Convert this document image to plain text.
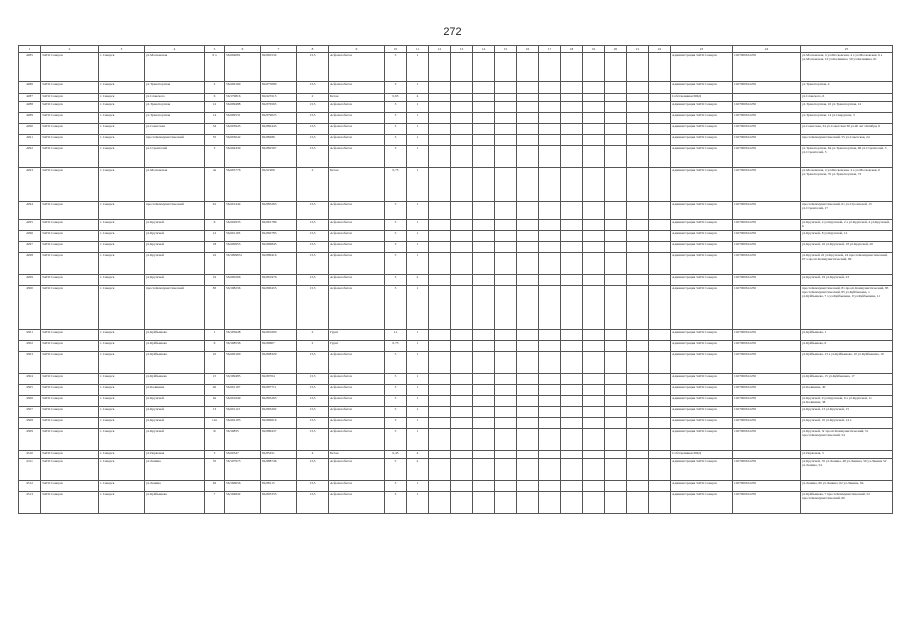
272
1	2	3	4	5	6	7	8	9	10	11	12	13	14	15	16	17	18	19	20	21	22	23	24	25
4285	ЗАТО Северск	г. Северск	ул.Московская	6 а	56,604081	84,892534	13,5	Асфальтобетон	3	1												Администрация ЗАТО Северск	1027000612250	ул.Московская, 4 ул.Московская, 4 а ул.Московская, 6 а ул.Московская, 10 ул.Калинина, 59 ул.Калинина, 61
4286	ЗАТО Северск	г. Северск	ул.Транспортная	2	56,609169	84,875080	13,5	Асфальтобетон	3	1												Администрация ЗАТО Северск	1027000612250	ул.Транспортная, 2
4287	ЗАТО Северск	г. Северск	ул.Славского	6	56,579816	84,925515	2	Бетон	0,65	4												Собственники МКД		ул.Славского, 6
4288	ЗАТО Северск	г. Северск	ул.Транспортная	12	56,609488	84,876565	13,5	Асфальтобетон	3	1												Администрация ЗАТО Северск	1027000612250	ул.Транспортная, 10 ул.Транспортная, 12
4289	ЗАТО Северск	г. Северск	ул.Транспортная	14	56,609531	84,879023	13,5	Асфальтобетон	3	1												Администрация ЗАТО Северск	1027000612250	ул.Транспортная, 14 ул.Свердлова, 3
4290	ЗАТО Северск	г. Северск	ул.Советская	34	56,603645	84,882443	13,5	Асфальтобетон	3	1												Администрация ЗАТО Северск	1027000612250	ул.Советская, 34 ул.Советская 36 ул.40 лет Октября, 6
4291	ЗАТО Северск	г. Северск	просп.Коммунистический	55	56,603042	84,88286	13,5	Асфальтобетон	3	1												Администрация ЗАТО Северск	1027000612250	просп.Коммунистический, 55 ул.Советская, 24
4292	ЗАТО Северск	г. Северск	ул.Строителей	3	56,604439	84,882567	13,5	Асфальтобетон	3	1												Администрация ЗАТО Северск	1027000612250	ул.Транспортная, 64 ул.Транспортная, 66 ул.Строителей, 3 ул.Строителей, 5
4293	ЗАТО Северск	г. Северск	ул.Московская	4а	56,605776	84,91909	2	Бетон	0,75	1												Администрация ЗАТО Северск	1027000612250	ул.Московская, 4 ул.Московская, 4 а ул.Московская, 6 ул.Транспортная, 70 ул.Транспортная, 72
4294	ЗАТО Северск	г. Северск	просп.Коммунистический	61	56,601444	84,885263	13,5	Асфальтобетон	5	1												Администрация ЗАТО Северск	1027000612250	просп.Коммунистический, 61 ул.Строителей, 15 ул.Строителей, 17
4295	ЗАТО Северск	г. Северск	ул.Крупской	6	56,602635	84,891789	13,5	Асфальтобетон	5	1												Администрация ЗАТО Северск	1027000612250	ул.Крупской, 2 ул.Крупской, 2 а ул.Крупской, 4 ул.Крупской, 6
4296	ЗАТО Северск	г. Северск	ул.Крупской	12	56,601193	84,892783	13,5	Асфальтобетон	5	1												Администрация ЗАТО Северск	1027000612250	ул.Крупской, 8 ул.Крупской, 12
4297	ЗАТО Северск	г. Северск	ул.Крупской	18	56,600655	84,890843	13,5	Асфальтобетон	3	1												Администрация ЗАТО Северск	1027000612250	ул.Крупской, 16 ул.Крупской, 18 ул.Крупской, 20
4298	ЗАТО Северск	г. Северск	ул.Крупской	22	56,5999631	84,889416	13,5	Асфальтобетон	5	1												Администрация ЗАТО Северск	1027000612250	ул.Крупской 22 ул.Крупской, 24 просп.Коммунистический, 67 а просп.Коммунистический, 69
4299	ЗАТО Северск	г. Северск	ул.Крупской	19	56,600266	84,891976	13,5	Асфальтобетон	3	2												Администрация ЗАТО Северск	1027000612250	ул.Крупской, 19 ул.Крупской, 23
4300	ЗАТО Северск	г. Северск	просп.Коммунистический	83	56,598236	84,890455	13,5	Асфальтобетон	3	1												Администрация ЗАТО Северск	1027000612250	просп.Коммунистический, 81 просп.Коммунистический, 83 просп.Коммунистический, 85 ул.Куйбышева, 1 ул.Куйбышева, 7 а ул.Куйбышева, 9 ул.Куйбышева, 11
4301	ЗАТО Северск	г. Северск	ул.Куйбышева	1	56,595648	84,891600	2	Грунт	1,1	1												Администрация ЗАТО Северск	1027000612250	ул.Куйбышева, 1
4302	ЗАТО Северск	г. Северск	ул.Куйбышева	6	56,598536	84,89607	2	Грунт	0,75	1												Администрация ЗАТО Северск	1027000612250	ул.Куйбышева, 6
4303	ЗАТО Северск	г. Северск	ул.Куйбышева	10	56,600169	84,898329	13,5	Асфальтобетон	5	1												Администрация ЗАТО Северск	1027000612250	ул.Куйбышева, 13 а ул.Куйбышева, 10 ул.Куйбышева, 10
4304	ЗАТО Северск	г. Северск	ул.Куйбышева	15	56,599485	84,89704	13,5	Асфальтобетон	5	1												Администрация ЗАТО Северск	1027000612250	ул.Куйбышева, 15 ул.Куйбышева, 17
4305	ЗАТО Северск	г. Северск	ул.Калинина	40	56,601107	84,897711	13,5	Асфальтобетон	3	1												Администрация ЗАТО Северск	1027000612250	ул.Калинина, 40
4306	ЗАТО Северск	г. Северск	ул.Крупской	9а	56,601649	84,895263	13,5	Асфальтобетон	5	1												Администрация ЗАТО Северск	1027000612250	ул.Крупской, 9 ул.Крупской, 9 а ул.Крупской, 11 ул.Калинина, 38
4307	ЗАТО Северск	г. Северск	ул.Крупской	13	56,601115	84,893292	13,5	Асфальтобетон	5	1												Администрация ЗАТО Северск	1027000612250	ул.Крупской, 13 ул.Крупской, 15
4308	ЗАТО Северск	г. Северск	ул.Крупской	14а	56,602195	84,890616	13,5	Асфальтобетон	3	1												Администрация ЗАТО Северск	1027000612250	ул.Крупской, 10 ул.Крупской, 14 а
4309	ЗАТО Северск	г. Северск	ул.Крупской	3г	56,59835	84,889437	13,5	Асфальтобетон	5	1												Администрация ЗАТО Северск	1027000612250	ул.Крупской, 3г просп.Коммунистический, 51 просп.Коммунистический, 54
4310	ЗАТО Северск	г. Северск	ул.Первомая	3	56,60347	84,85451	4	Бетон	0,45	4												Собственники МКД		ул.Первомая, 3
4311	ЗАТО Северск	г. Северск	ул.Ленина	35	56,597973	84,888746	13,5	Асфальтобетон	5	2												Администрация ЗАТО Северск	1027000612250	ул.Крупской, 35 ул.Ленина, 48 ул.Ленина, 50 ул.Ленина 52 ул.Ленина, 54
4312	ЗАТО Северск	г. Северск	ул.Ленина	62	56,596656	84,88115	13,5	Асфальтобетон	3	1												Администрация ЗАТО Северск	1027000612250	ул.Ленина, 60 ул.Ленина, 62 ул.Ленина, 64
4313	ЗАТО Северск	г. Северск	ул.Куйбышева	7	56,594842	84,893335	13,5	Асфальтобетон	3	1												Администрация ЗАТО Северск	1027000612250	ул.Куйбышева, 7 просп.Коммунистический, 52 просп.Коммунистический, 60
